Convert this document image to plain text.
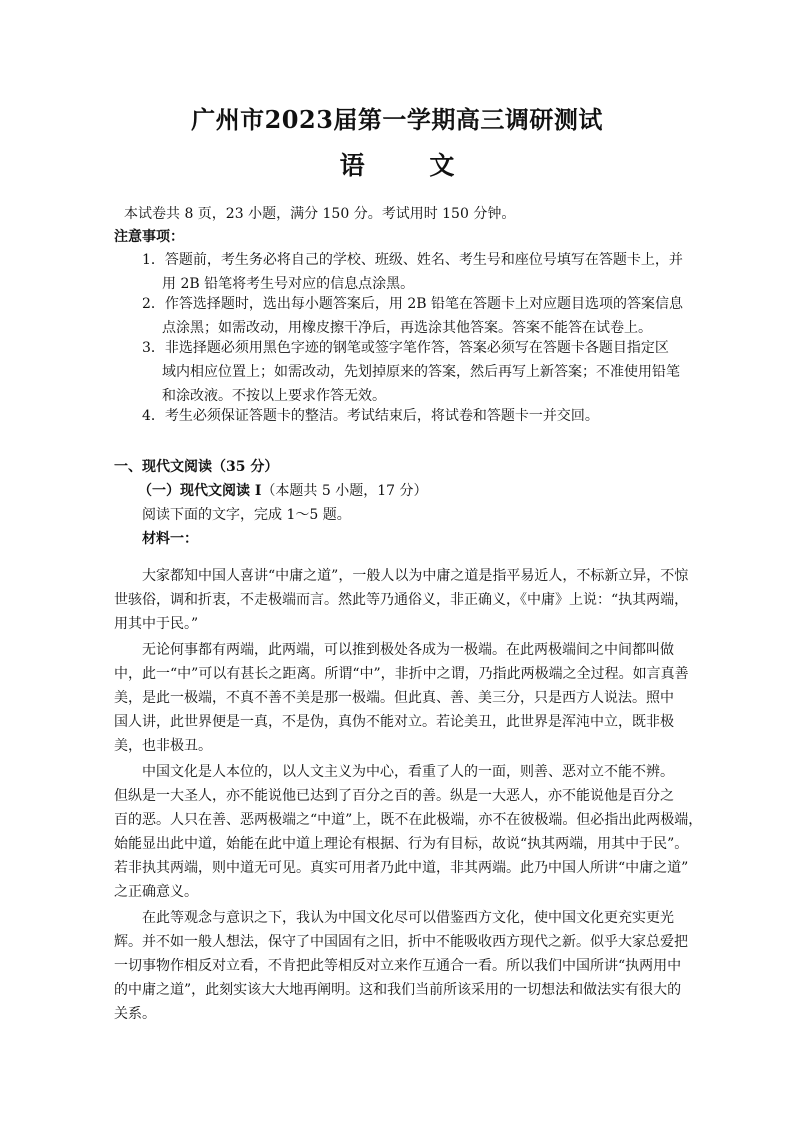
广州市2023届第一学期高三调研测试
语 文

本试卷共 8 页，23 小题，满分 150 分。考试用时 150 分钟。

注意事项：

1．答题前，考生务必将自己的学校、班级、姓名、考生号和座位号填写在答题卡上，并

用 2B 铅笔将考生号对应的信息点涂黑。

2．作答选择题时，选出每小题答案后，用 2B 铅笔在答题卡上对应题目选项的答案信息

点涂黑；如需改动，用橡皮擦干净后，再选涂其他答案。答案不能答在试卷上。

3．非选择题必须用黑色字迹的钢笔或签字笔作答，答案必须写在答题卡各题目指定区

域内相应位置上；如需改动，先划掉原来的答案，然后再写上新答案；不准使用铅笔

和涂改液。不按以上要求作答无效。

4．考生必须保证答题卡的整洁。考试结束后，将试卷和答题卡一并交回。

一、现代文阅读（35 分）

（一）现代文阅读 I（本题共 5 小题，17 分）

阅读下面的文字，完成 1～5 题。

材料一：

大家都知中国人喜讲“中庸之道”，一般人以为中庸之道是指平易近人，不标新立异，不惊

世骇俗，调和折衷，不走极端而言。然此等乃通俗义，非正确义，《中庸》上说：“执其两端，

用其中于民。”

无论何事都有两端，此两端，可以推到极处各成为一极端。在此两极端间之中间都叫做

中，此一“中”可以有甚长之距离。所谓“中”，非折中之谓，乃指此两极端之全过程。如言真善

美，是此一极端，不真不善不美是那一极端。但此真、善、美三分，只是西方人说法。照中

国人讲，此世界便是一真，不是伪，真伪不能对立。若论美丑，此世界是浑沌中立，既非极

美，也非极丑。

中国文化是人本位的，以人文主义为中心，看重了人的一面，则善、恶对立不能不辨。

但纵是一大圣人，亦不能说他已达到了百分之百的善。纵是一大恶人，亦不能说他是百分之

百的恶。人只在善、恶两极端之“中道”上，既不在此极端，亦不在彼极端。但必指出此两极端，

始能显出此中道，始能在此中道上理论有根据、行为有目标，故说“执其两端，用其中于民”。

若非执其两端，则中道无可见。真实可用者乃此中道，非其两端。此乃中国人所讲“中庸之道”

之正确意义。

在此等观念与意识之下，我认为中国文化尽可以借鉴西方文化，使中国文化更充实更光

辉。并不如一般人想法，保守了中国固有之旧，折中不能吸收西方现代之新。似乎大家总爱把

一切事物作相反对立看，不肯把此等相反对立来作互通合一看。所以我们中国所讲“执两用中

的中庸之道”，此刻实该大大地再阐明。这和我们当前所该采用的一切想法和做法实有很大的

关系。
